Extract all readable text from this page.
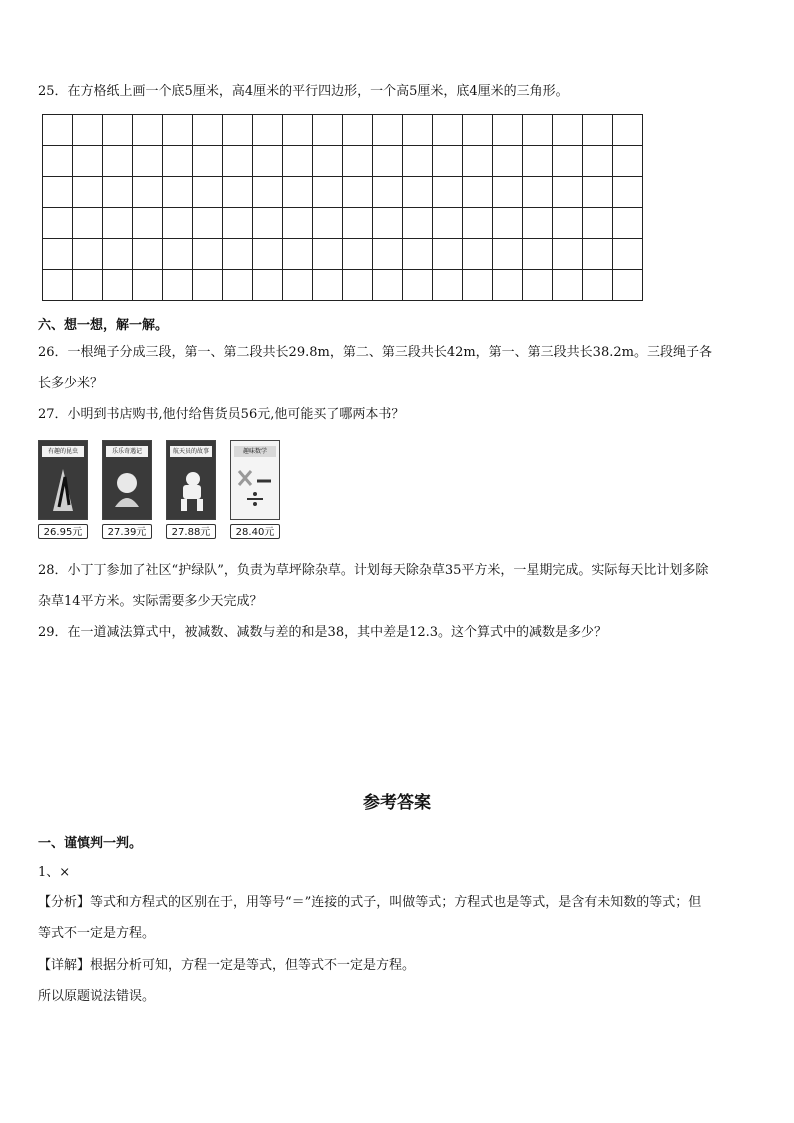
25．在方格纸上画一个底5厘米，高4厘米的平行四边形，一个高5厘米，底4厘米的三角形。

六、想一想，解一解。
26．一根绳子分成三段，第一、第二段共长29.8m，第二、第三段共长42m，第一、第三段共长38.2m。三段绳子各
长多少米？
27．小明到书店购书,他付给售货员56元,他可能买了哪两本书？
有趣的昆虫
26.95元
乐乐奇遇记
27.39元
航天员的故事
27.88元
趣味数学
28.40元
28．小丁丁参加了社区“护绿队”，负责为草坪除杂草。计划每天除杂草35平方米，一星期完成。实际每天比计划多除
杂草14平方米。实际需要多少天完成？
29．在一道减法算式中，被减数、减数与差的和是38，其中差是12.3。这个算式中的减数是多少？
参考答案
一、谨慎判一判。
1、×
【分析】等式和方程式的区别在于，用等号“＝”连接的式子，叫做等式；方程式也是等式，是含有未知数的等式；但
等式不一定是方程。
【详解】根据分析可知，方程一定是等式，但等式不一定是方程。
所以原题说法错误。
